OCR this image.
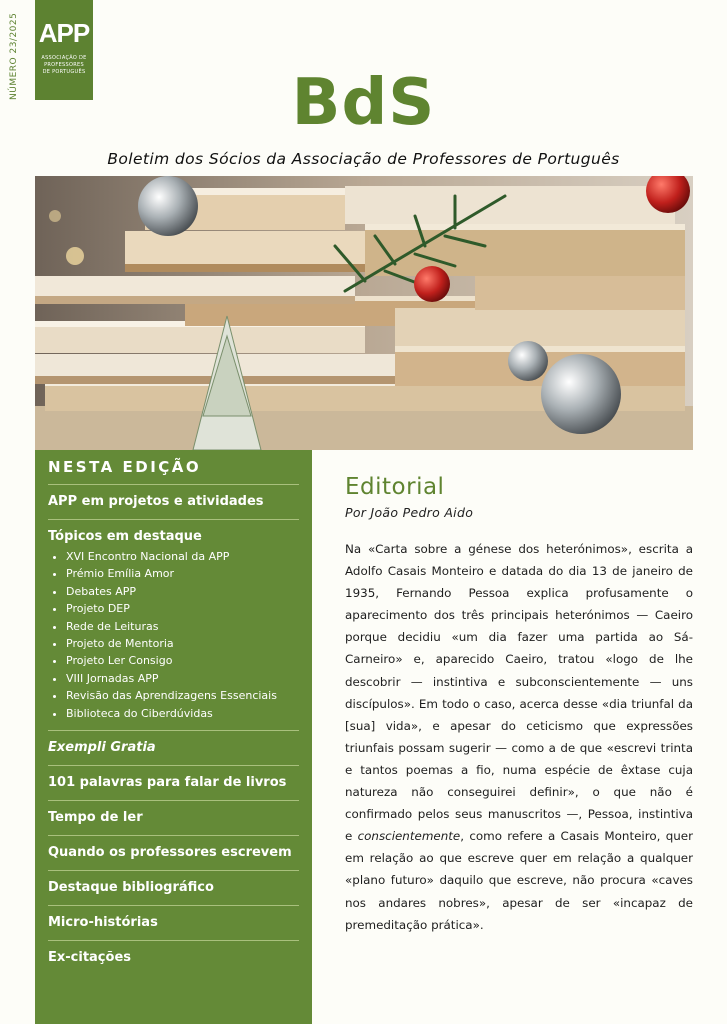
NÚMERO 23/2025 APP
ASSOCIAÇÃO DE
PROFESSORES
DE PORTUGUÊS	BdS
Boletim dos Sócios da Associação de Professores de Português
NESTA EDIÇÃO
APP em projetos e atividades
Tópicos em destaque
• XVI Encontro Nacional da APP
• Prémio Emília Amor
• Debates APP
• Projeto DEP
• Rede de Leituras
• Projeto de Mentoria
• Projeto Ler Consigo
• VIII Jornadas APP
• Revisão das Aprendizagens Essenciais
• Biblioteca do Ciberdúvidas
Exempli Gratia
101 palavras para falar de livros
Tempo de ler
Quando os professores escrevem
Destaque bibliográfico
Micro-histórias
Ex-citações
Editorial
Por João Pedro Aido

Na «Carta sobre a génese dos heterónimos», escrita a Adolfo Casais Monteiro e datada do dia 13 de janeiro de 1935, Fernando Pessoa explica profusamente o aparecimento dos três principais heterónimos — Caeiro porque decidiu «um dia fazer uma partida ao Sá-Carneiro» e, aparecido Caeiro, tratou «logo de lhe descobrir — instintiva e subconscientemente — uns discípulos». Em todo o caso, acerca desse «dia triunfal da [sua] vida», e apesar do ceticismo que expressões triunfais possam sugerir — como a de que «escrevi trinta e tantos poemas a fio, numa espécie de êxtase cuja natureza não conseguirei definir», o que não é confirmado pelos seus manuscritos —, Pessoa, instintiva e conscientemente, como refere a Casais Monteiro, quer em relação ao que escreve quer em relação a qualquer «plano futuro» daquilo que escreve, não procura «caves nos andares nobres», apesar de ser «incapaz de premeditação prática».
